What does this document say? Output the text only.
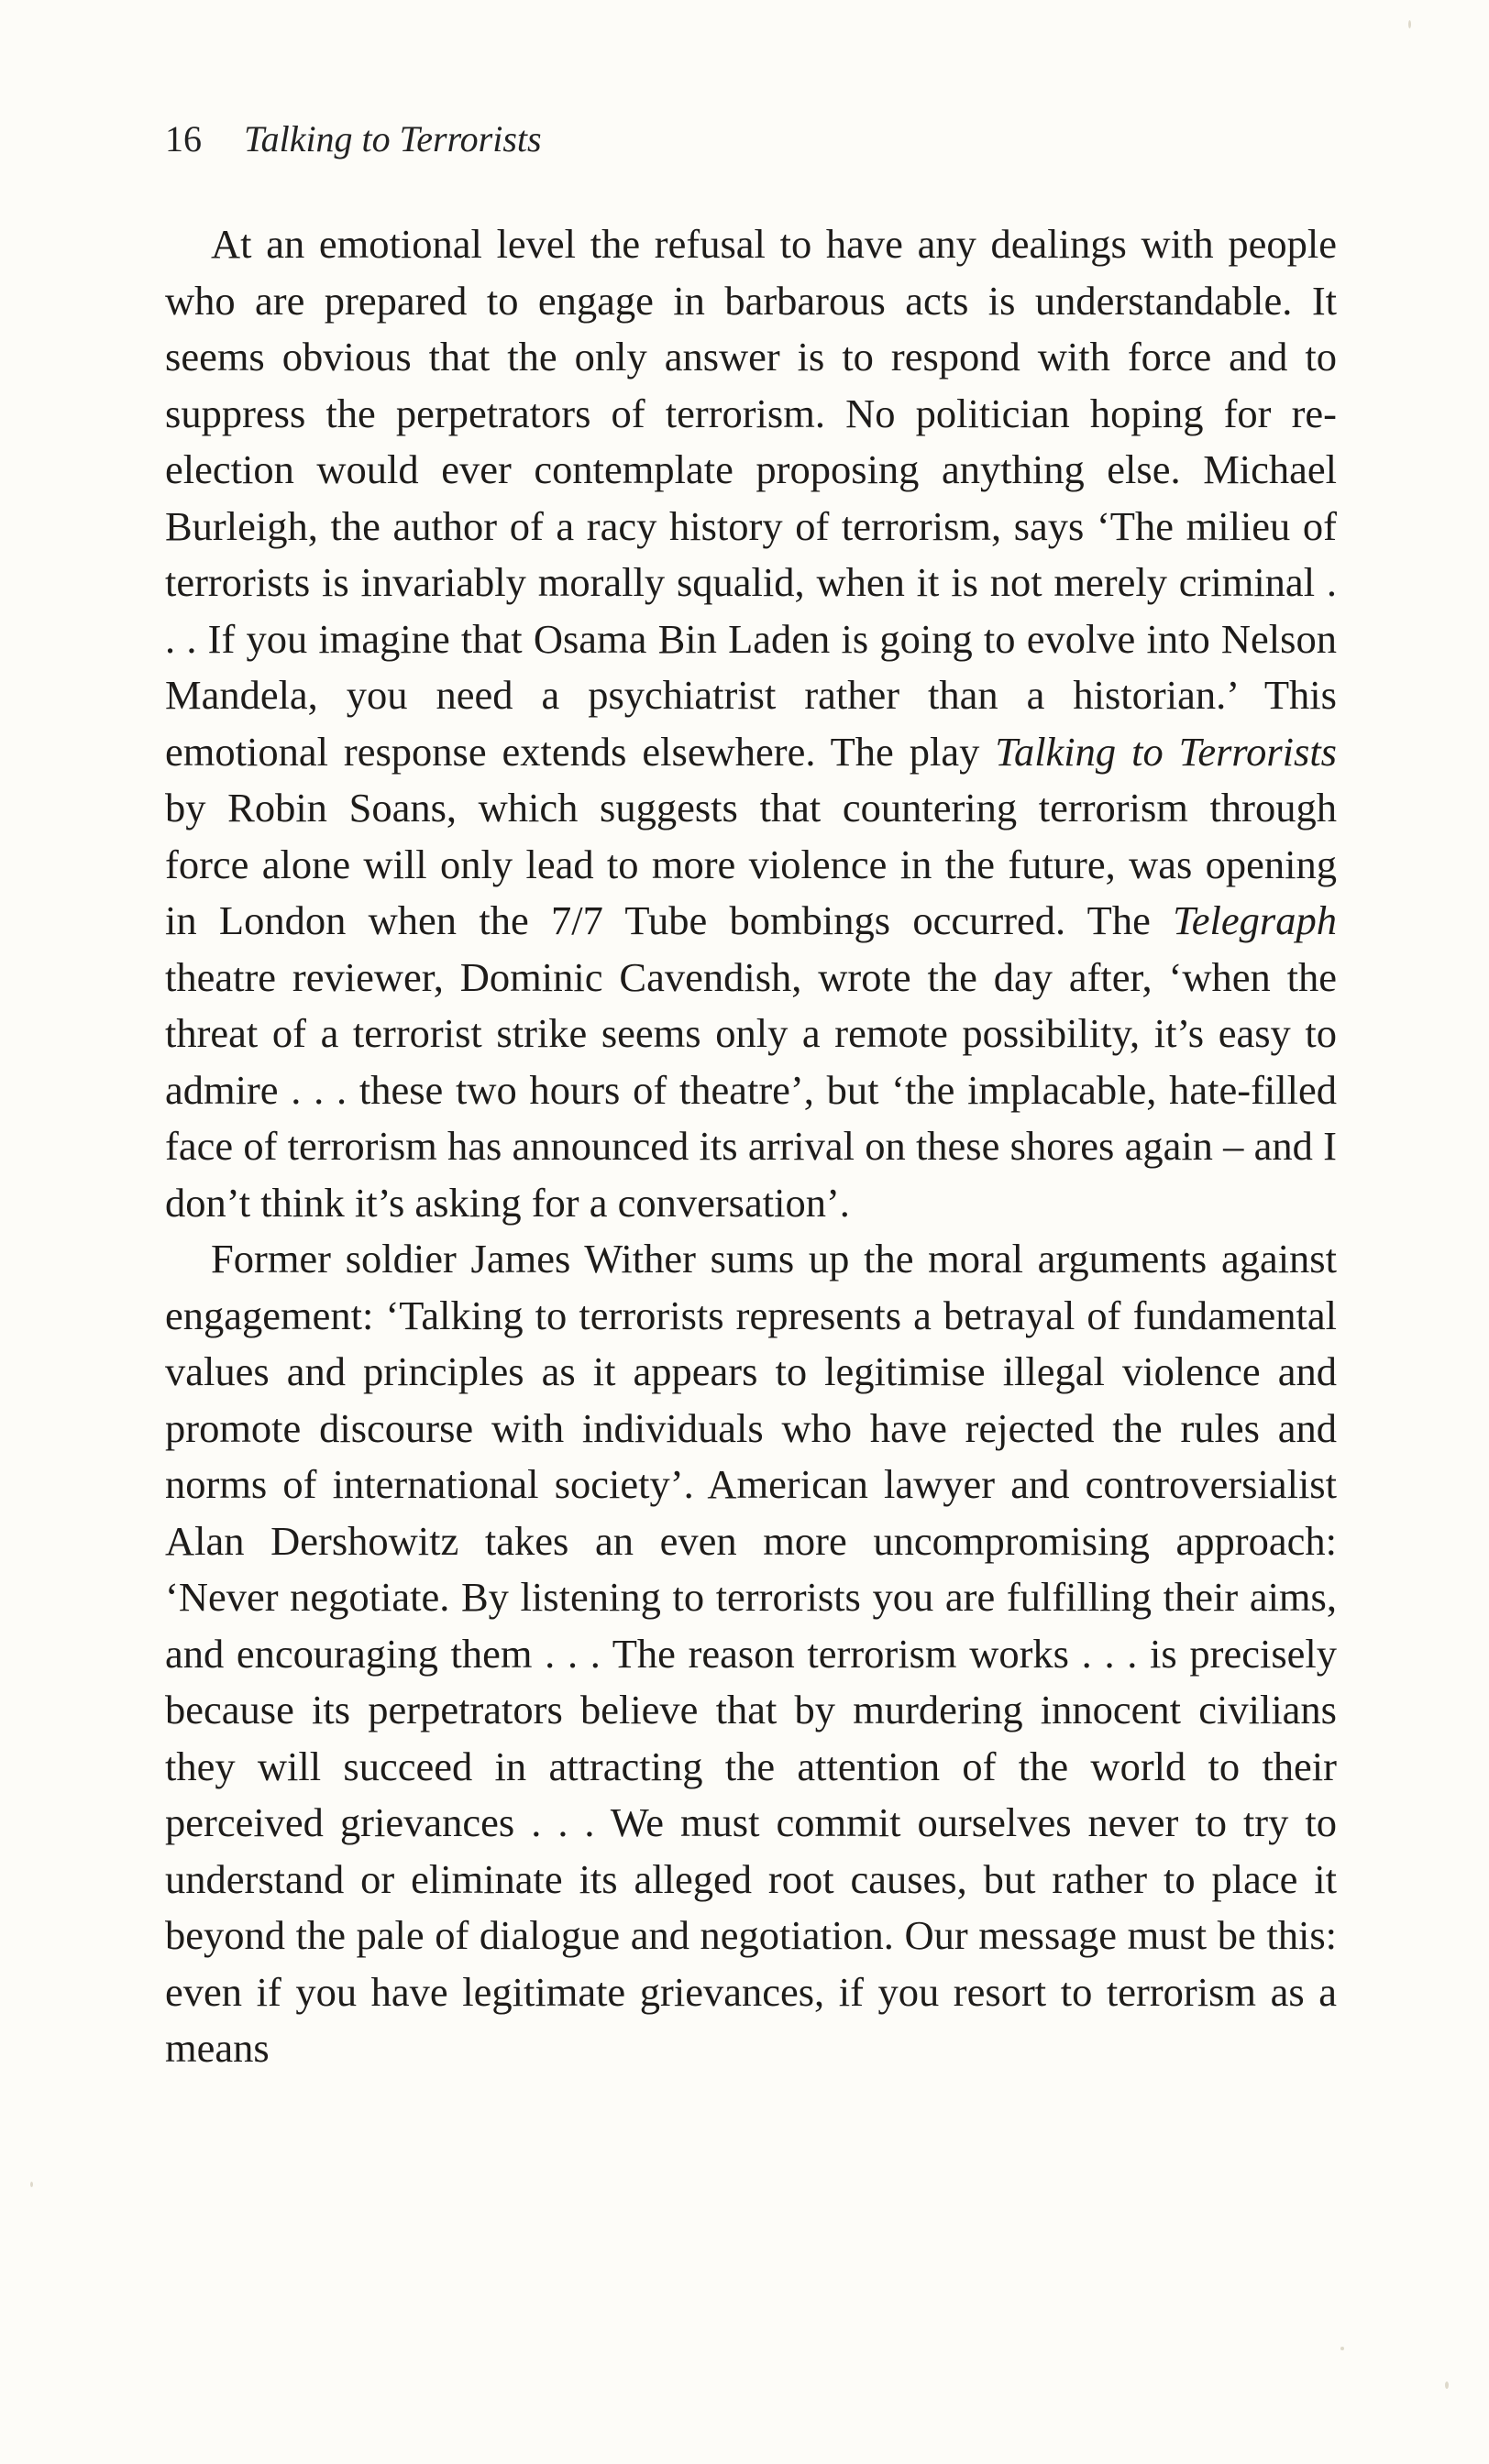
16 Talking to Terrorists

At an emotional level the refusal to have any dealings with people who are prepared to engage in barbarous acts is understandable. It seems obvious that the only answer is to respond with force and to suppress the perpetrators of terrorism. No politician hoping for re-election would ever contemplate proposing anything else. Michael Burleigh, the author of a racy history of terrorism, says ‘The milieu of terrorists is invariably morally squalid, when it is not merely criminal . . . If you imagine that Osama Bin Laden is going to evolve into Nelson Mandela, you need a psychiatrist rather than a historian.’ This emotional response extends elsewhere. The play Talking to Terrorists by Robin Soans, which suggests that countering terrorism through force alone will only lead to more violence in the future, was opening in London when the 7/7 Tube bombings occurred. The Telegraph theatre reviewer, Dominic Cavendish, wrote the day after, ‘when the threat of a terrorist strike seems only a remote possibility, it’s easy to admire . . . these two hours of theatre’, but ‘the implacable, hate-filled face of terrorism has announced its arrival on these shores again – and I don’t think it’s asking for a conversation’.

Former soldier James Wither sums up the moral arguments against engagement: ‘Talking to terrorists represents a betrayal of fundamental values and principles as it appears to legitimise illegal violence and promote discourse with individuals who have rejected the rules and norms of international society’. American lawyer and controversialist Alan Dershowitz takes an even more uncompromising approach: ‘Never negotiate. By listening to terrorists you are fulfilling their aims, and encouraging them . . . The reason terrorism works . . . is precisely because its perpetrators believe that by murdering innocent civilians they will succeed in attracting the attention of the world to their perceived grievances . . . We must commit ourselves never to try to understand or eliminate its alleged root causes, but rather to place it beyond the pale of dialogue and negotiation. Our message must be this: even if you have legitimate grievances, if you resort to terrorism as a means
